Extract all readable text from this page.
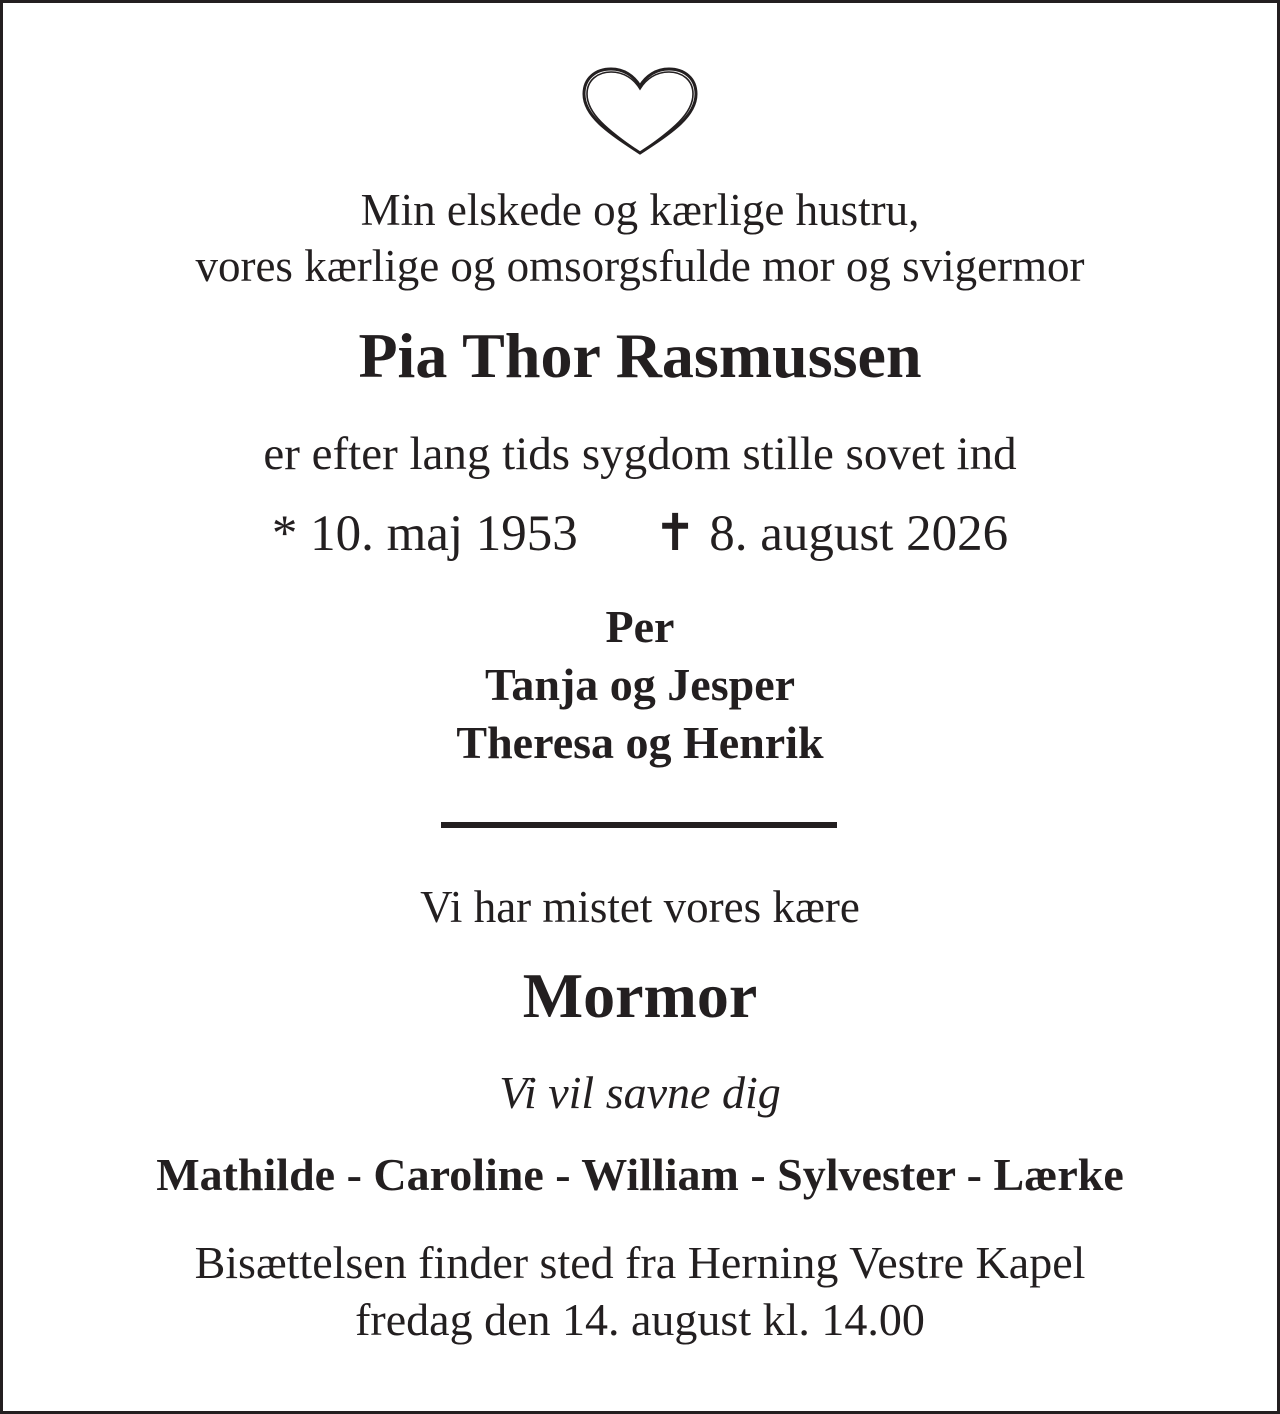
Min elskede og kærlige hustru,
vores kærlige og omsorgsfulde mor og svigermor
Pia Thor Rasmussen
er efter lang tids sygdom stille sovet ind
* 10. maj 1953 ✝ 8. august 2026
Per
Tanja og Jesper
Theresa og Henrik
Vi har mistet vores kære
Mormor
Vi vil savne dig
Mathilde - Caroline - William - Sylvester - Lærke
Bisættelsen finder sted fra Herning Vestre Kapel
fredag den 14. august kl. 14.00
